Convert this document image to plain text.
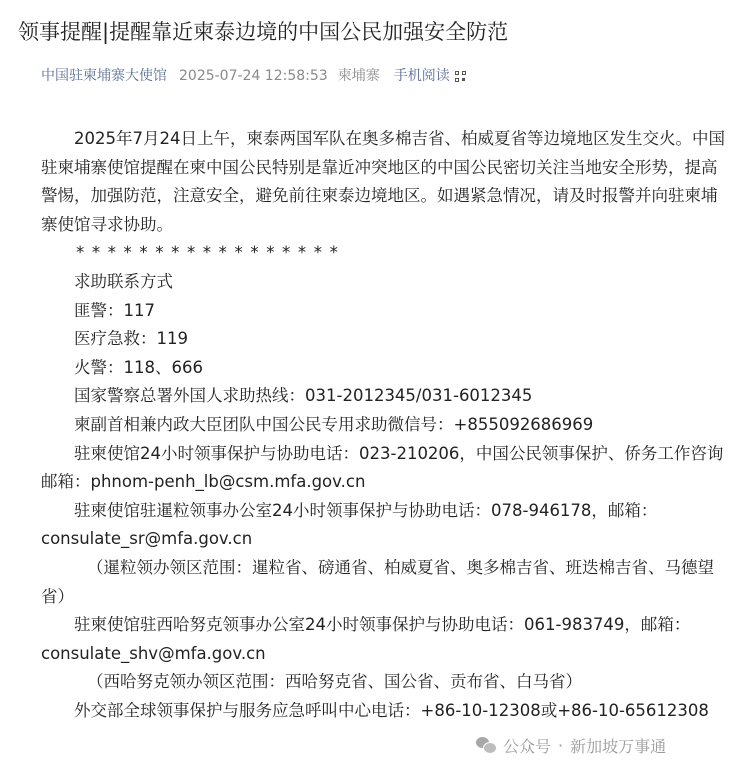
领事提醒|提醒靠近柬泰边境的中国公民加强安全防范
中国驻柬埔寨大使馆 2025-07-24 12:58:53 柬埔寨 手机阅读

2025年7月24日上午，柬泰两国军队在奥多棉吉省、柏威夏省等边境地区发生交火。中国驻柬埔寨使馆提醒在柬中国公民特别是靠近冲突地区的中国公民密切关注当地安全形势，提高警惕，加强防范，注意安全，避免前往柬泰边境地区。如遇紧急情况，请及时报警并向驻柬埔寨使馆寻求协助。

*****************

求助联系方式

匪警：117

医疗急救：119

火警：118、666

国家警察总署外国人求助热线：031-2012345/031-6012345

柬副首相兼内政大臣团队中国公民专用求助微信号：+855092686969

驻柬使馆24小时领事保护与协助电话：023-210206，中国公民领事保护、侨务工作咨询邮箱：phnom-penh_lb@csm.mfa.gov.cn

驻柬使馆驻暹粒领事办公室24小时领事保护与协助电话：078-946178，邮箱：consulate_sr@mfa.gov.cn

（暹粒领办领区范围：暹粒省、磅通省、柏威夏省、奥多棉吉省、班迭棉吉省、马德望省）

驻柬使馆驻西哈努克领事办公室24小时领事保护与协助电话：061-983749，邮箱：consulate_shv@mfa.gov.cn

（西哈努克领办领区范围：西哈努克省、国公省、贡布省、白马省）

外交部全球领事保护与服务应急呼叫中心电话：+86-10-12308或+86-10-65612308

公众号 · 新加坡万事通
